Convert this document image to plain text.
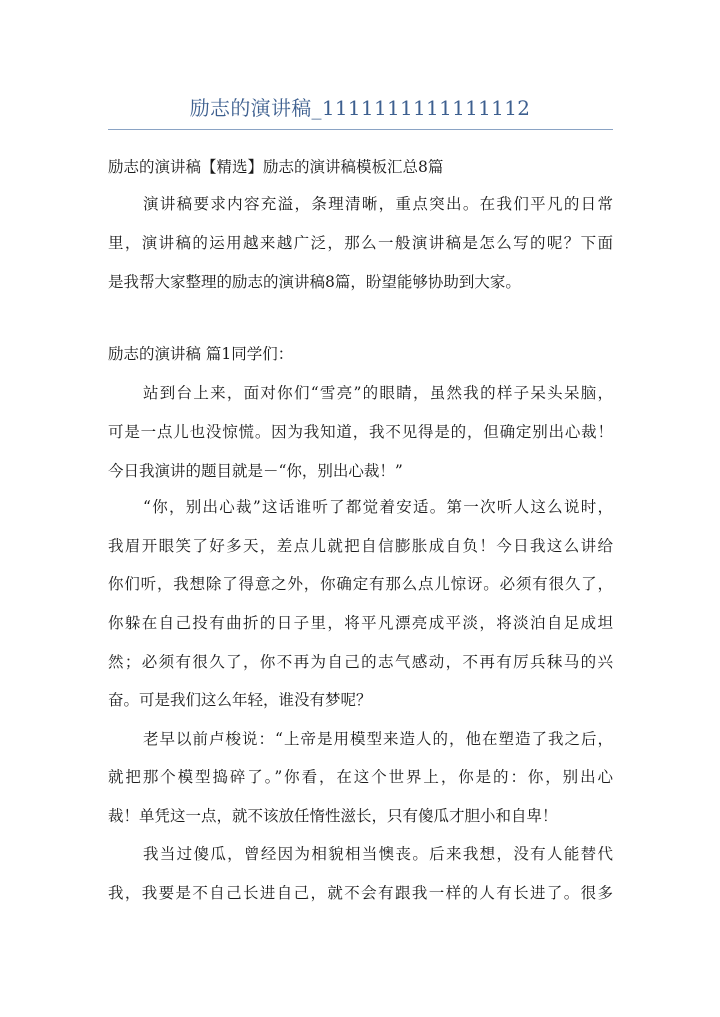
励志的演讲稿_1111111111111112
励志的演讲稿【精选】励志的演讲稿模板汇总8篇
演讲稿要求内容充溢，条理清晰，重点突出。在我们平凡的日常
里，演讲稿的运用越来越广泛，那么一般演讲稿是怎么写的呢？下面
是我帮大家整理的励志的演讲稿8篇，盼望能够协助到大家。
励志的演讲稿 篇1同学们：
站到台上来，面对你们“雪亮”的眼睛，虽然我的样子呆头呆脑，
可是一点儿也没惊慌。因为我知道，我不见得是的，但确定别出心裁！
今日我演讲的题目就是－“你，别出心裁！”
“你，别出心裁”这话谁听了都觉着安适。第一次听人这么说时，
我眉开眼笑了好多天，差点儿就把自信膨胀成自负！今日我这么讲给
你们听，我想除了得意之外，你确定有那么点儿惊讶。必须有很久了，
你躲在自己投有曲折的日子里，将平凡漂亮成平淡，将淡泊自足成坦
然；必须有很久了，你不再为自己的志气感动，不再有厉兵秣马的兴
奋。可是我们这么年轻，谁没有梦呢？
老早以前卢梭说：“上帝是用模型来造人的，他在塑造了我之后，
就把那个模型捣碎了。”你看，在这个世界上，你是的：你，别出心
裁！单凭这一点，就不该放任惰性滋长，只有傻瓜才胆小和自卑！
我当过傻瓜，曾经因为相貌相当懊丧。后来我想，没有人能替代
我，我要是不自己长进自己，就不会有跟我一样的人有长进了。很多
